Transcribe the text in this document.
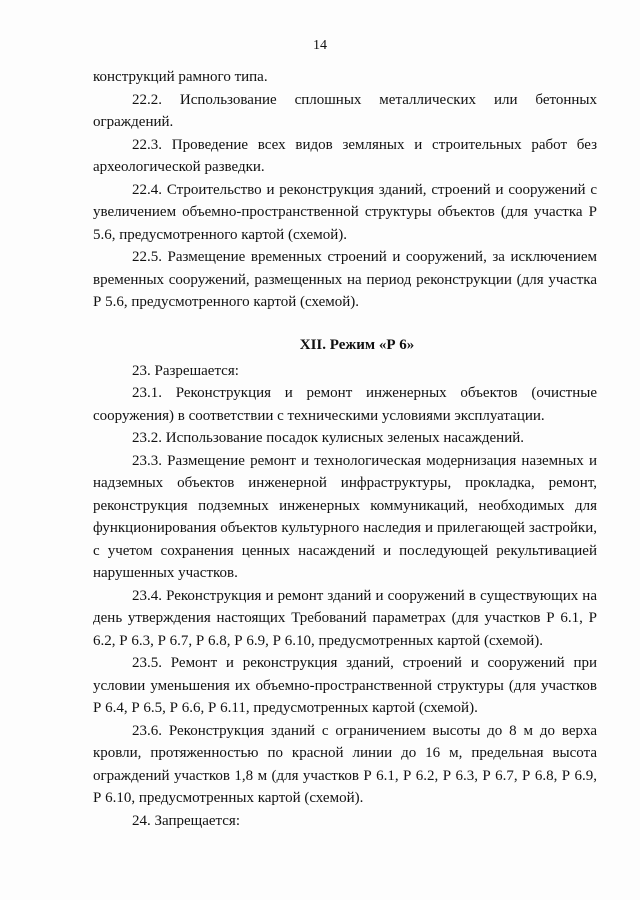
14

конструкций рамного типа.

22.2. Использование сплошных металлических или бетонных ограждений.

22.3. Проведение всех видов земляных и строительных работ без археологической разведки.

22.4. Строительство и реконструкция зданий, строений и сооружений с увеличением объемно-пространственной структуры объектов (для участка Р 5.6, предусмотренного картой (схемой).

22.5. Размещение временных строений и сооружений, за исключением временных сооружений, размещенных на период реконструкции (для участка Р 5.6, предусмотренного картой (схемой).

XII. Режим «Р 6»

23. Разрешается:

23.1. Реконструкция и ремонт инженерных объектов (очистные сооружения) в соответствии с техническими условиями эксплуатации.

23.2. Использование посадок кулисных зеленых насаждений.

23.3. Размещение ремонт и технологическая модернизация наземных и надземных объектов инженерной инфраструктуры, прокладка, ремонт, реконструкция подземных инженерных коммуникаций, необходимых для функционирования объектов культурного наследия и прилегающей застройки, с учетом сохранения ценных насаждений и последующей рекультивацией нарушенных участков.

23.4. Реконструкция и ремонт зданий и сооружений в существующих на день утверждения настоящих Требований параметрах (для участков Р 6.1, Р 6.2, Р 6.3, Р 6.7, Р 6.8, Р 6.9, Р 6.10, предусмотренных картой (схемой).

23.5. Ремонт и реконструкция зданий, строений и сооружений при условии уменьшения их объемно-пространственной структуры (для участков Р 6.4, Р 6.5, Р 6.6, Р 6.11, предусмотренных картой (схемой).

23.6. Реконструкция зданий с ограничением высоты до 8 м до верха кровли, протяженностью по красной линии до 16 м, предельная высота ограждений участков 1,8 м (для участков Р 6.1, Р 6.2, Р 6.3, Р 6.7, Р 6.8, Р 6.9, Р 6.10, предусмотренных картой (схемой).

24. Запрещается:
